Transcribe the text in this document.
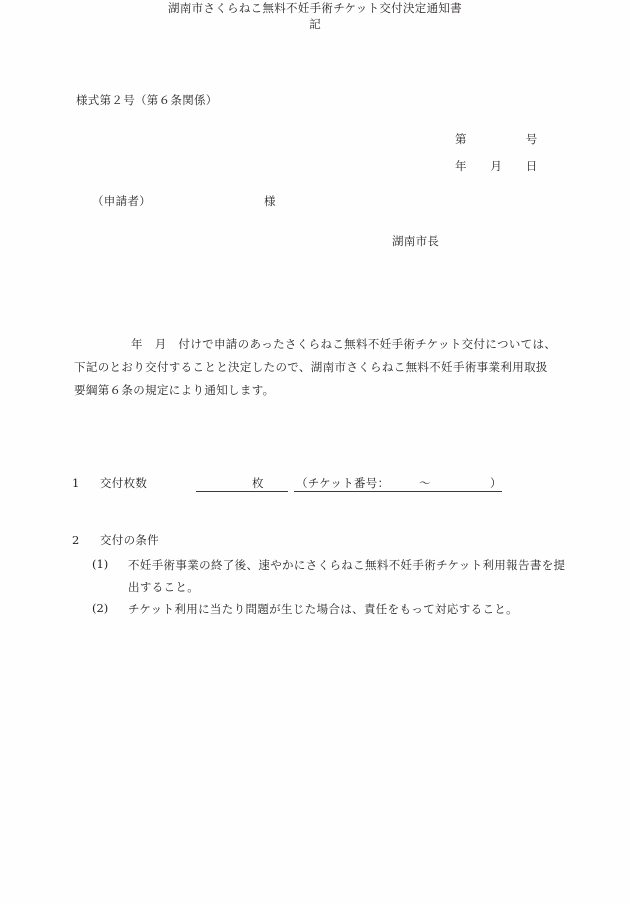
様式第２号（第６条関係）
第　　　　　号
年　　月　　日
（申請者）	様
湖南市長
湖南市さくらねこ無料不妊手術チケット交付決定通知書
年　月　付けで申請のあったさくらねこ無料不妊手術チケット交付については、
下記のとおり交付することと決定したので、湖南市さくらねこ無料不妊手術事業利用取扱
要綱第６条の規定により通知します。
記
1 交付枚数	枚	（チケット番号：	〜	）
2 交付の条件
(1) 不妊手術事業の終了後、速やかにさくらねこ無料不妊手術チケット利用報告書を提
出すること。
(2) チケット利用に当たり問題が生じた場合は、責任をもって対応すること。
